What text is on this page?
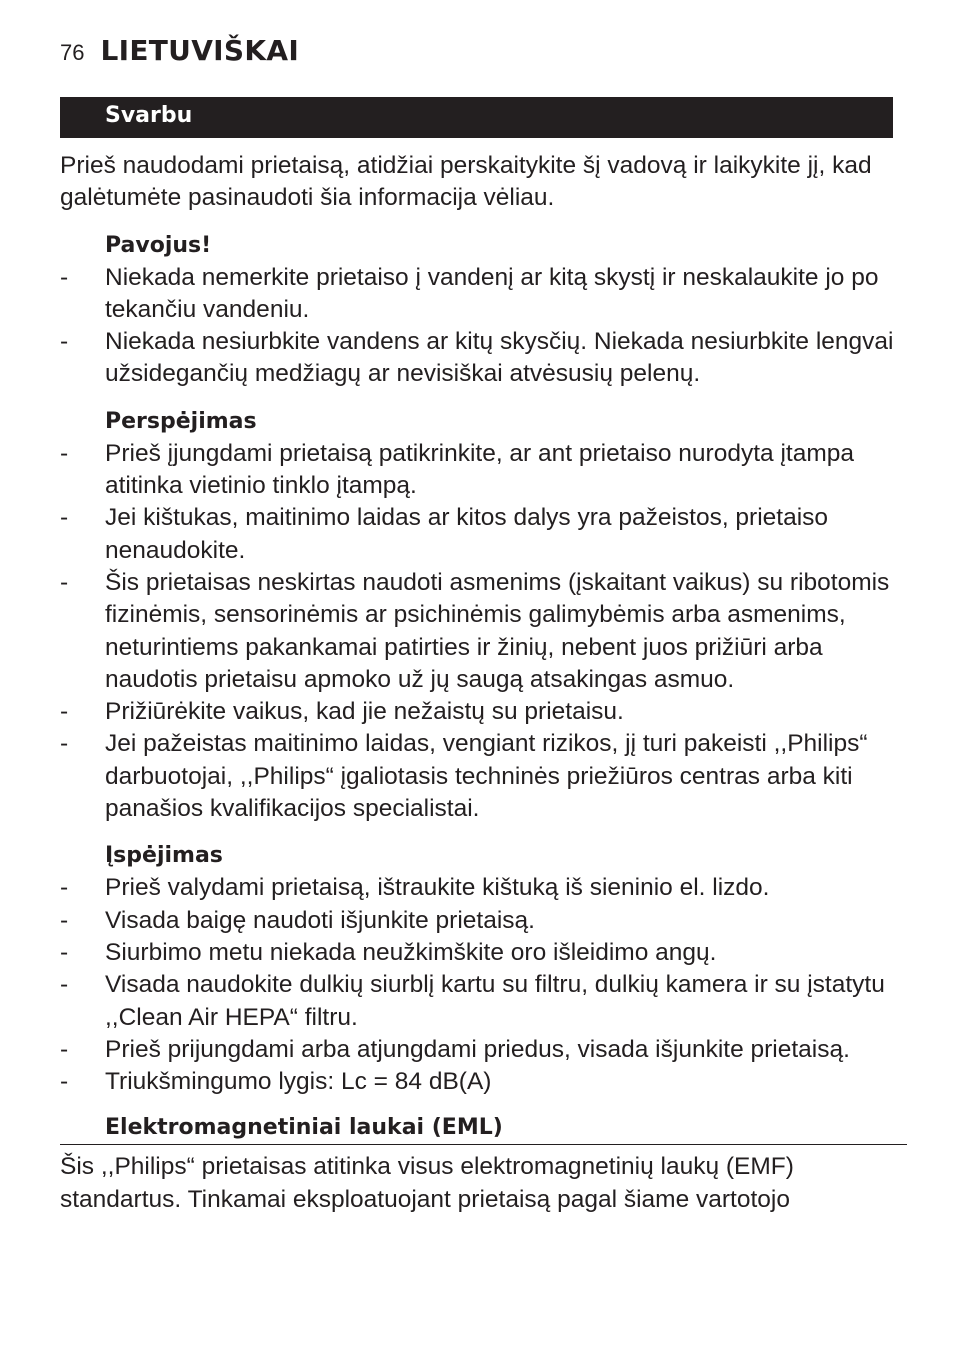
76 LIETUVIŠKAI
Svarbu

Prieš naudodami prietaisą, atidžiai perskaitykite šį vadovą ir laikykite jį, kad galėtumėte pasinaudoti šia informacija vėliau.

Pavojus!

- Niekada nemerkite prietaiso į vandenį ar kitą skystį ir neskalaukite jo po tekančiu vandeniu.
- Niekada nesiurbkite vandens ar kitų skysčių. Niekada nesiurbkite lengvai užsidegančių medžiagų ar nevisiškai atvėsusių pelenų.

Perspėjimas

- Prieš įjungdami prietaisą patikrinkite, ar ant prietaiso nurodyta įtampa atitinka vietinio tinklo įtampą.
- Jei kištukas, maitinimo laidas ar kitos dalys yra pažeistos, prietaiso nenaudokite.
- Šis prietaisas neskirtas naudoti asmenims (įskaitant vaikus) su ribotomis fizinėmis, sensorinėmis ar psichinėmis galimybėmis arba asmenims, neturintiems pakankamai patirties ir žinių, nebent juos prižiūri arba naudotis prietaisu apmoko už jų saugą atsakingas asmuo.
- Prižiūrėkite vaikus, kad jie nežaistų su prietaisu.
- Jei pažeistas maitinimo laidas, vengiant rizikos, jį turi pakeisti ,,Philips“ darbuotojai, ,,Philips“ įgaliotasis techninės priežiūros centras arba kiti panašios kvalifikacijos specialistai.

Įspėjimas

- Prieš valydami prietaisą, ištraukite kištuką iš sieninio el. lizdo.
- Visada baigę naudoti išjunkite prietaisą.
- Siurbimo metu niekada neužkimškite oro išleidimo angų.
- Visada naudokite dulkių siurblį kartu su filtru, dulkių kamera ir su įstatytu ,,Clean Air HEPA“ filtru.
- Prieš prijungdami arba atjungdami priedus, visada išjunkite prietaisą.
- Triukšmingumo lygis: Lc = 84 dB(A)

Elektromagnetiniai laukai (EML)

Šis ,,Philips“ prietaisas atitinka visus elektromagnetinių laukų (EMF) standartus. Tinkamai eksploatuojant prietaisą pagal šiame vartotojo
